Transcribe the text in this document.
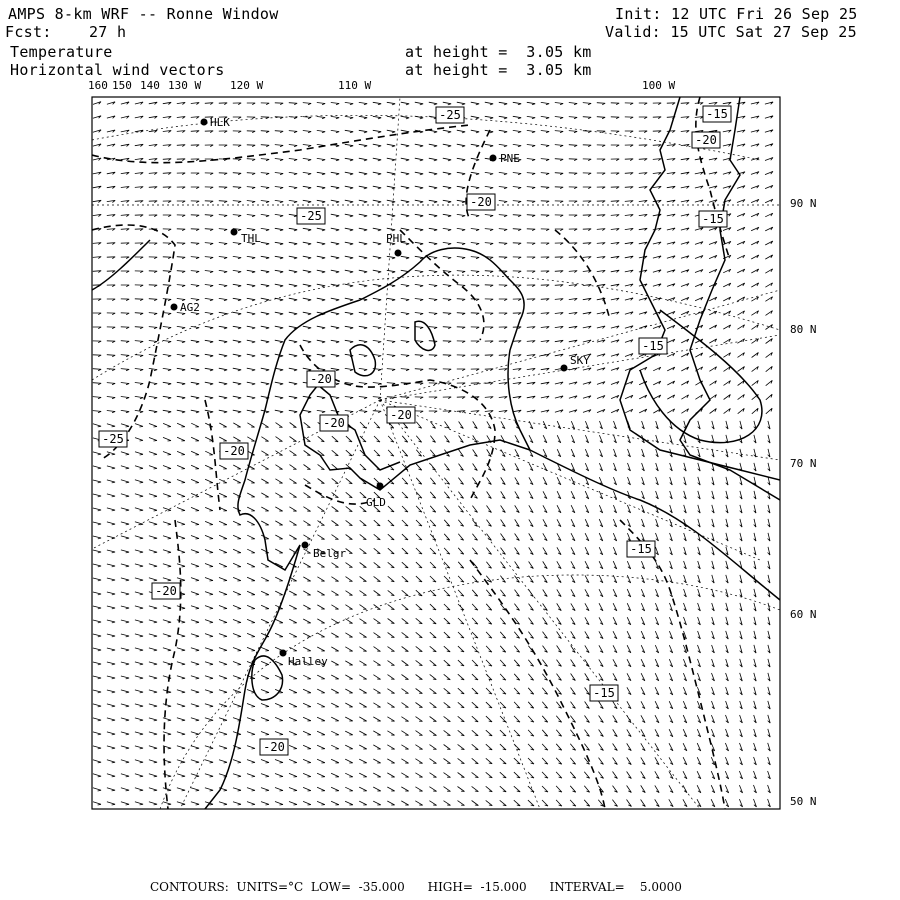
AMPS 8-km WRF -- Ronne Window
Fcst:    27 h
Init: 12 UTC Fri 26 Sep 25
Valid: 15 UTC Sat 27 Sep 25
Temperature	at height =  3.05 km
Horizontal wind vectors	at height =  3.05 km
-25	-15
-20
-15
-25
-20
-15
-20
-20
-20
-25
-20
-15
-20
-15
-20
HLK
PNE
THL	PHL
AG2
SKY
GLD
Belgr
Halley
160 150 140 130 W	120 W	110 W	100 W
90 N
80 N
70 N
60 N
50 N
CONTOURS:  UNITS=°C  LOW=  -35.000      HIGH=  -15.000      INTERVAL=    5.0000
